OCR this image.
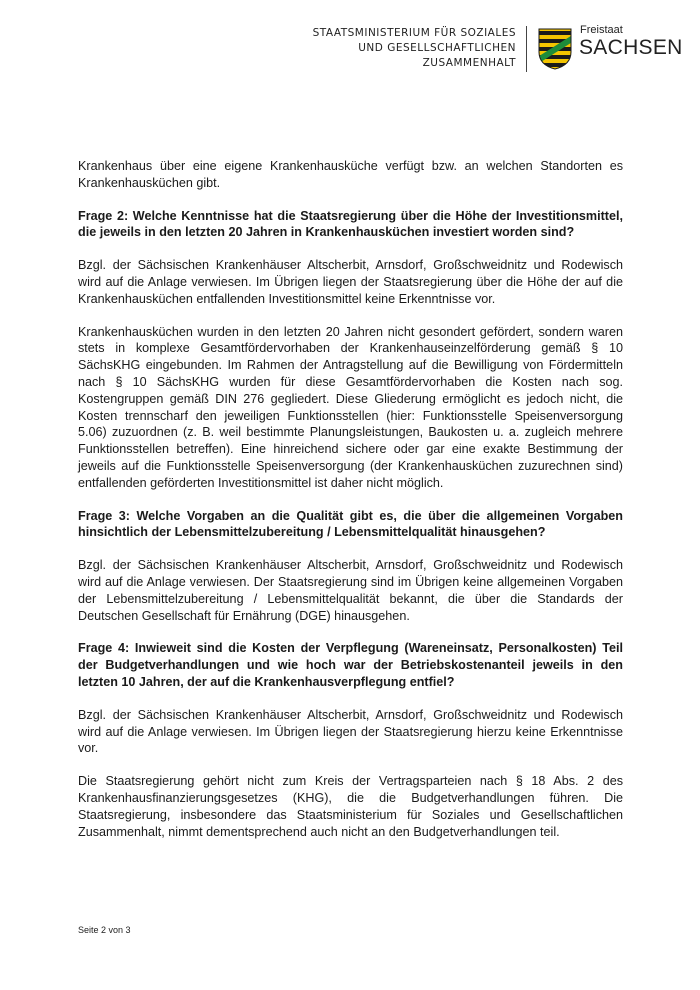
STAATSMINISTERIUM FÜR SOZIALES
UND GESELLSCHAFTLICHEN
ZUSAMMENHALT
Freistaat
SACHSEN

Krankenhaus über eine eigene Krankenhausküche verfügt bzw. an welchen Standorten es Krankenhausküchen gibt.

Frage 2: Welche Kenntnisse hat die Staatsregierung über die Höhe der Investitionsmittel, die jeweils in den letzten 20 Jahren in Krankenhausküchen investiert worden sind?

Bzgl. der Sächsischen Krankenhäuser Altscherbit, Arnsdorf, Großschweidnitz und Rodewisch wird auf die Anlage verwiesen. Im Übrigen liegen der Staatsregierung über die Höhe der auf die Krankenhausküchen entfallenden Investitionsmittel keine Erkenntnisse vor.

Krankenhausküchen wurden in den letzten 20 Jahren nicht gesondert gefördert, sondern waren stets in komplexe Gesamtfördervorhaben der Krankenhauseinzelförderung gemäß § 10 SächsKHG eingebunden. Im Rahmen der Antragstellung auf die Bewilligung von Fördermitteln nach § 10 SächsKHG wurden für diese Gesamtfördervorhaben die Kosten nach sog. Kostengruppen gemäß DIN 276 gegliedert. Diese Gliederung ermöglicht es jedoch nicht, die Kosten trennscharf den jeweiligen Funktionsstellen (hier: Funktionsstelle Speisenversorgung 5.06) zuzuordnen (z. B. weil bestimmte Planungsleistungen, Baukosten u. a. zugleich mehrere Funktionsstellen betreffen). Eine hinreichend sichere oder gar eine exakte Bestimmung der jeweils auf die Funktionsstelle Speisenversorgung (der Krankenhausküchen zuzurechnen sind) entfallenden geförderten Investitionsmittel ist daher nicht möglich.

Frage 3: Welche Vorgaben an die Qualität gibt es, die über die allgemeinen Vorgaben hinsichtlich der Lebensmittelzubereitung / Lebensmittelqualität hinausgehen?

Bzgl. der Sächsischen Krankenhäuser Altscherbit, Arnsdorf, Großschweidnitz und Rodewisch wird auf die Anlage verwiesen. Der Staatsregierung sind im Übrigen keine allgemeinen Vorgaben der Lebensmittelzubereitung / Lebensmittelqualität bekannt, die über die Standards der Deutschen Gesellschaft für Ernährung (DGE) hinausgehen.

Frage 4: Inwieweit sind die Kosten der Verpflegung (Wareneinsatz, Personalkosten) Teil der Budgetverhandlungen und wie hoch war der Betriebskostenanteil jeweils in den letzten 10 Jahren, der auf die Krankenhausverpflegung entfiel?

Bzgl. der Sächsischen Krankenhäuser Altscherbit, Arnsdorf, Großschweidnitz und Rodewisch wird auf die Anlage verwiesen. Im Übrigen liegen der Staatsregierung hierzu keine Erkenntnisse vor.

Die Staatsregierung gehört nicht zum Kreis der Vertragsparteien nach § 18 Abs. 2 des Krankenhausfinanzierungsgesetzes (KHG), die die Budgetverhandlungen führen. Die Staatsregierung, insbesondere das Staatsministerium für Soziales und Gesellschaftlichen Zusammenhalt, nimmt dementsprechend auch nicht an den Budgetverhandlungen teil.

Seite 2 von 3
